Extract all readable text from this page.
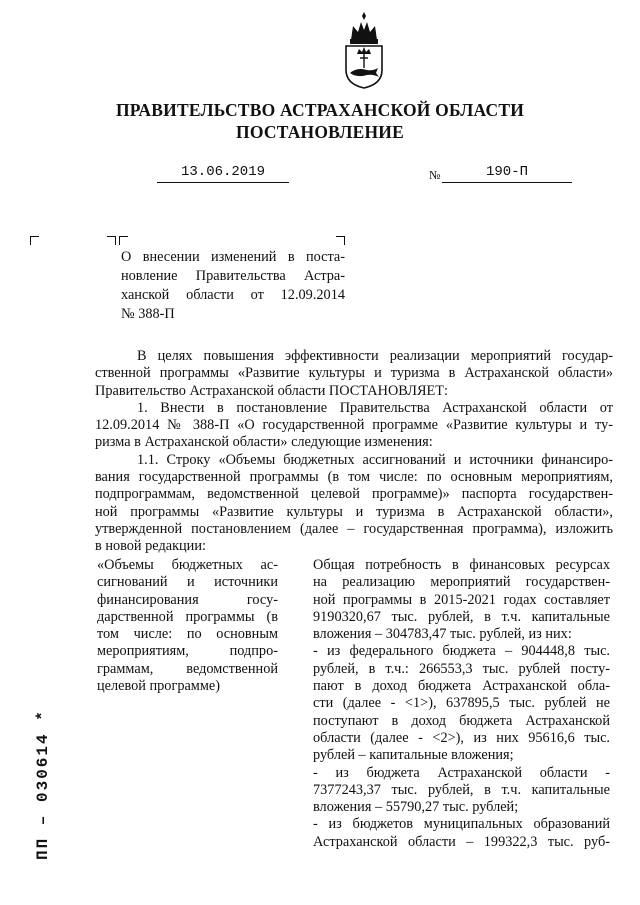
ПРАВИТЕЛЬСТВО АСТРАХАНСКОЙ ОБЛАСТИ
ПОСТАНОВЛЕНИЕ
13.06.2019	№	190-П
О внесении изменений в поста-
новление Правительства Астра-
ханской области от 12.09.2014
№ 388-П
В целях повышения эффективности реализации мероприятий государ-
ственной программы «Развитие культуры и туризма в Астраханской области»
Правительство Астраханской области ПОСТАНОВЛЯЕТ:
1. Внести в постановление Правительства Астраханской области от
12.09.2014 № 388-П «О государственной программе «Развитие культуры и ту-
ризма в Астраханской области» следующие изменения:
1.1. Строку «Объемы бюджетных ассигнований и источники финансиро-
вания государственной программы (в том числе: по основным мероприятиям,
подпрограммам, ведомственной целевой программе)» паспорта государствен-
ной программы «Развитие культуры и туризма в Астраханской области»,
утвержденной постановлением (далее – государственная программа), изложить
в новой редакции:
«Объемы бюджетных ас-
сигнований и источники
финансирования госу-
дарственной программы (в
том числе: по основным
мероприятиям, подпро-
граммам, ведомственной
целевой программе)
Общая потребность в финансовых ресурсах
на реализацию мероприятий государствен-
ной программы в 2015-2021 годах составляет
9190320,67 тыс. рублей, в т.ч. капитальные
вложения – 304783,47 тыс. рублей, из них:
- из федерального бюджета – 904448,8 тыс.
рублей, в т.ч.: 266553,3 тыс. рублей посту-
пают в доход бюджета Астраханской обла-
сти (далее - <1>), 637895,5 тыс. рублей не
поступают в доход бюджета Астраханской
области (далее - <2>), из них 95616,6 тыс.
рублей – капитальные вложения;
- из бюджета Астраханской области -
7377243,37 тыс. рублей, в т.ч. капитальные
вложения – 55790,27 тыс. рублей;
- из бюджетов муниципальных образований
Астраханской области – 199322,3 тыс. руб-
ПП – 030614 *
